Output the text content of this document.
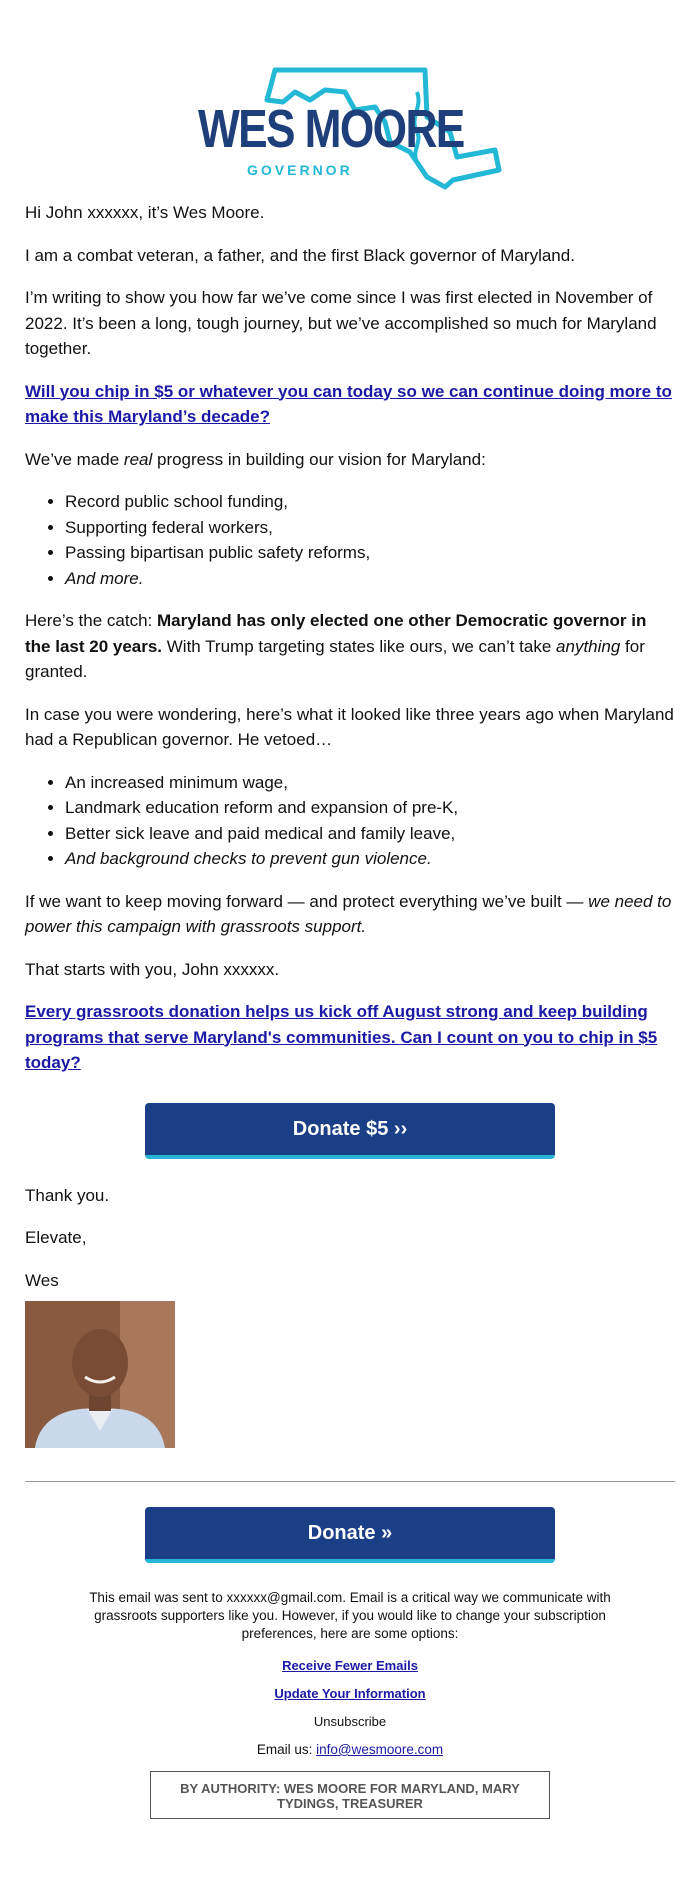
WES MOORE
GOVERNOR

Hi John xxxxxx, it’s Wes Moore.

I am a combat veteran, a father, and the first Black governor of Maryland.

I’m writing to show you how far we’ve come since I was first elected in November of 2022. It’s been a long, tough journey, but we’ve accomplished so much for Maryland together.

Will you chip in $5 or whatever you can today so we can continue doing more to make this Maryland’s decade?

We’ve made real progress in building our vision for Maryland:

• Record public school funding,
• Supporting federal workers,
• Passing bipartisan public safety reforms,
• And more.

Here’s the catch: Maryland has only elected one other Democratic governor in the last 20 years. With Trump targeting states like ours, we can’t take anything for granted.

In case you were wondering, here’s what it looked like three years ago when Maryland had a Republican governor. He vetoed…

• An increased minimum wage,
• Landmark education reform and expansion of pre-K,
• Better sick leave and paid medical and family leave,
• And background checks to prevent gun violence.

If we want to keep moving forward — and protect everything we’ve built — we need to power this campaign with grassroots support.

That starts with you, John xxxxxx.

Every grassroots donation helps us kick off August strong and keep building programs that serve Maryland's communities. Can I count on you to chip in $5 today?

Donate $5 ››

Thank you.

Elevate,

Wes

Donate »
This email was sent to xxxxxx@gmail.com. Email is a critical way we communicate with grassroots supporters like you. However, if you would like to change your subscription preferences, here are some options:
Receive Fewer Emails
Update Your Information
Unsubscribe
Email us: info@wesmoore.com
BY AUTHORITY: WES MOORE FOR MARYLAND, MARY TYDINGS, TREASURER
